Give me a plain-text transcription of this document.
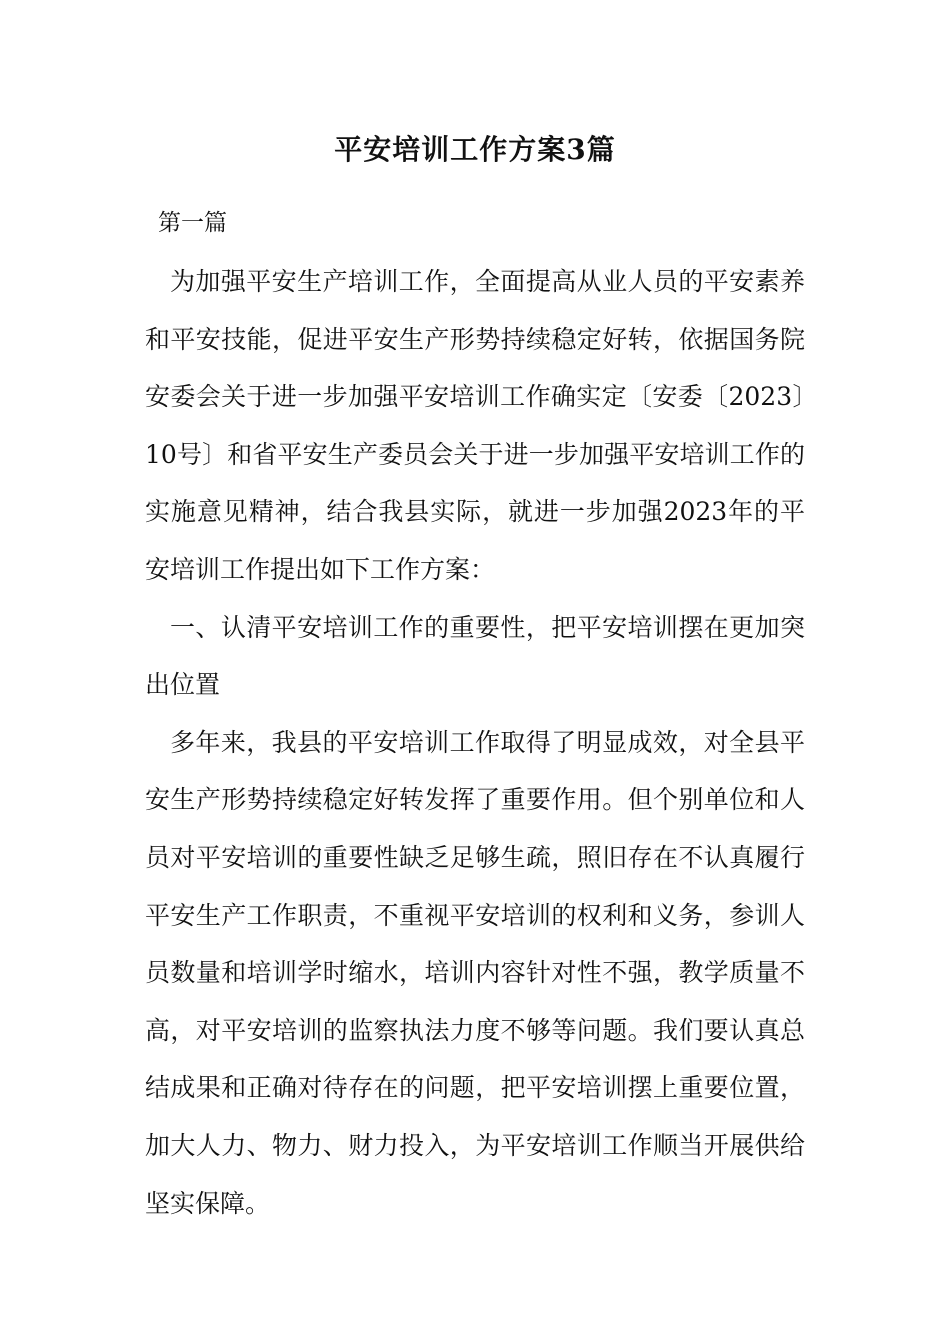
平安培训工作方案3篇
第一篇

为加强平安生产培训工作，全面提高从业人员的平安素养和平安技能，促进平安生产形势持续稳定好转，依据国务院安委会关于进一步加强平安培训工作确实定〔安委〔2023〕10号〕和省平安生产委员会关于进一步加强平安培训工作的实施意见精神，结合我县实际，就进一步加强2023年的平安培训工作提出如下工作方案：

一、认清平安培训工作的重要性，把平安培训摆在更加突出位置

多年来，我县的平安培训工作取得了明显成效，对全县平安生产形势持续稳定好转发挥了重要作用。但个别单位和人员对平安培训的重要性缺乏足够生疏，照旧存在不认真履行平安生产工作职责，不重视平安培训的权利和义务，参训人员数量和培训学时缩水，培训内容针对性不强，教学质量不高，对平安培训的监察执法力度不够等问题。我们要认真总结成果和正确对待存在的问题，把平安培训摆上重要位置，加大人力、物力、财力投入，为平安培训工作顺当开展供给坚实保障。
